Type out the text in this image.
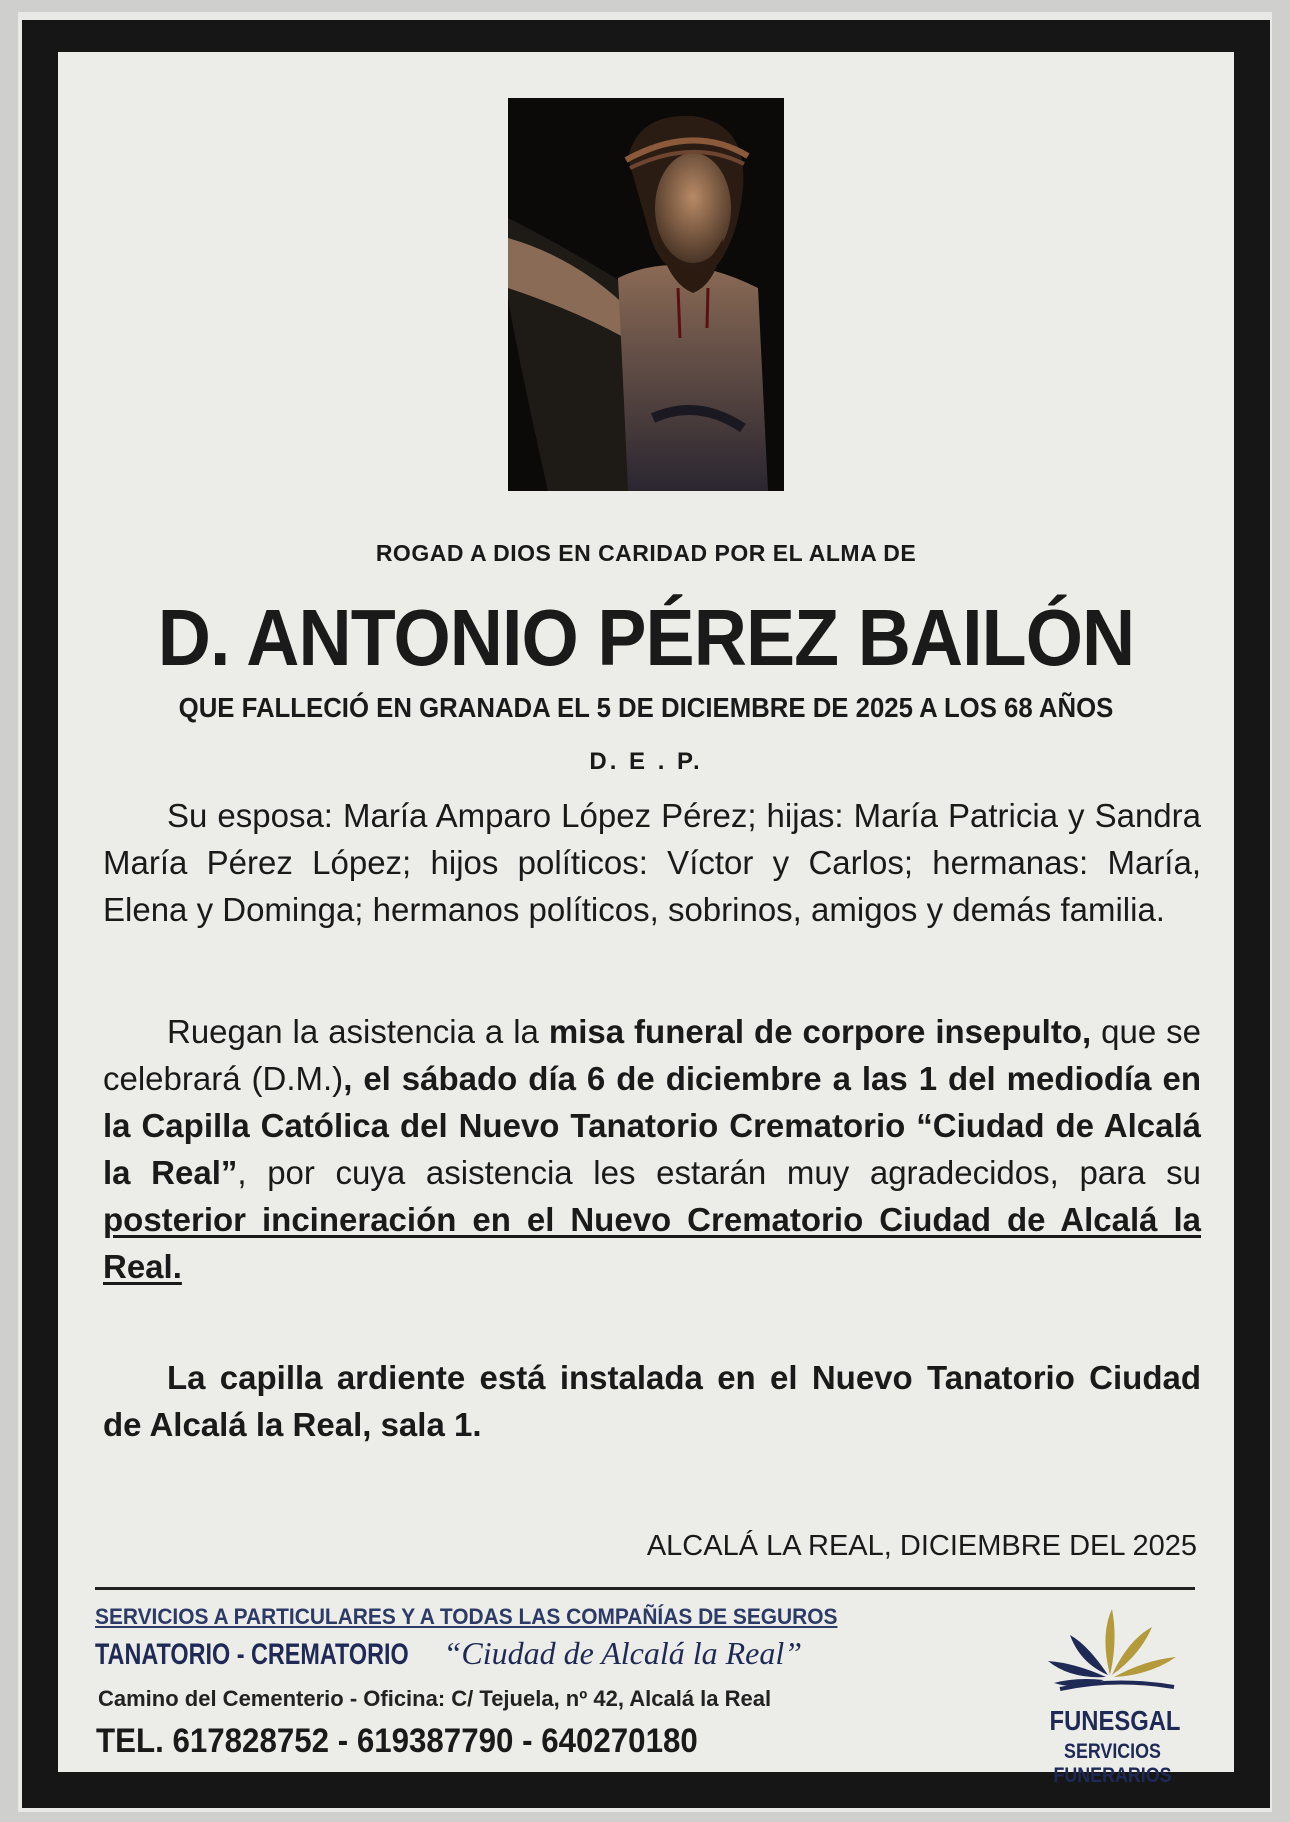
ROGAD A DIOS EN CARIDAD POR EL ALMA DE
D. ANTONIO PÉREZ BAILÓN
QUE FALLECIÓ EN GRANADA EL 5 DE DICIEMBRE DE 2025 A LOS 68 AÑOS
D. E . P.
Su esposa: María Amparo López Pérez; hijas: María Patricia y Sandra María Pérez López; hijos políticos: Víctor y Carlos; hermanas: María, Elena y Dominga; hermanos políticos, sobrinos, amigos y demás familia.
Ruegan la asistencia a la misa funeral de corpore insepulto, que se celebrará (D.M.), el sábado día 6 de diciembre a las 1 del mediodía en la Capilla Católica del Nuevo Tanatorio Crematorio “Ciudad de Alcalá la Real”, por cuya asistencia les estarán muy agradecidos, para su posterior incineración en el Nuevo Crematorio Ciudad de Alcalá la Real.
La capilla ardiente está instalada en el Nuevo Tanatorio Ciudad de Alcalá la Real, sala 1.
ALCALÁ LA REAL, DICIEMBRE DEL 2025
SERVICIOS A PARTICULARES Y A TODAS LAS COMPAÑÍAS DE SEGUROS
TANATORIO - CREMATORIO “Ciudad de Alcalá la Real”
Camino del Cementerio - Oficina: C/ Tejuela, nº 42, Alcalá la Real
TEL. 617828752 - 619387790 - 640270180
FUNESGAL
SERVICIOS FUNERARIOS
